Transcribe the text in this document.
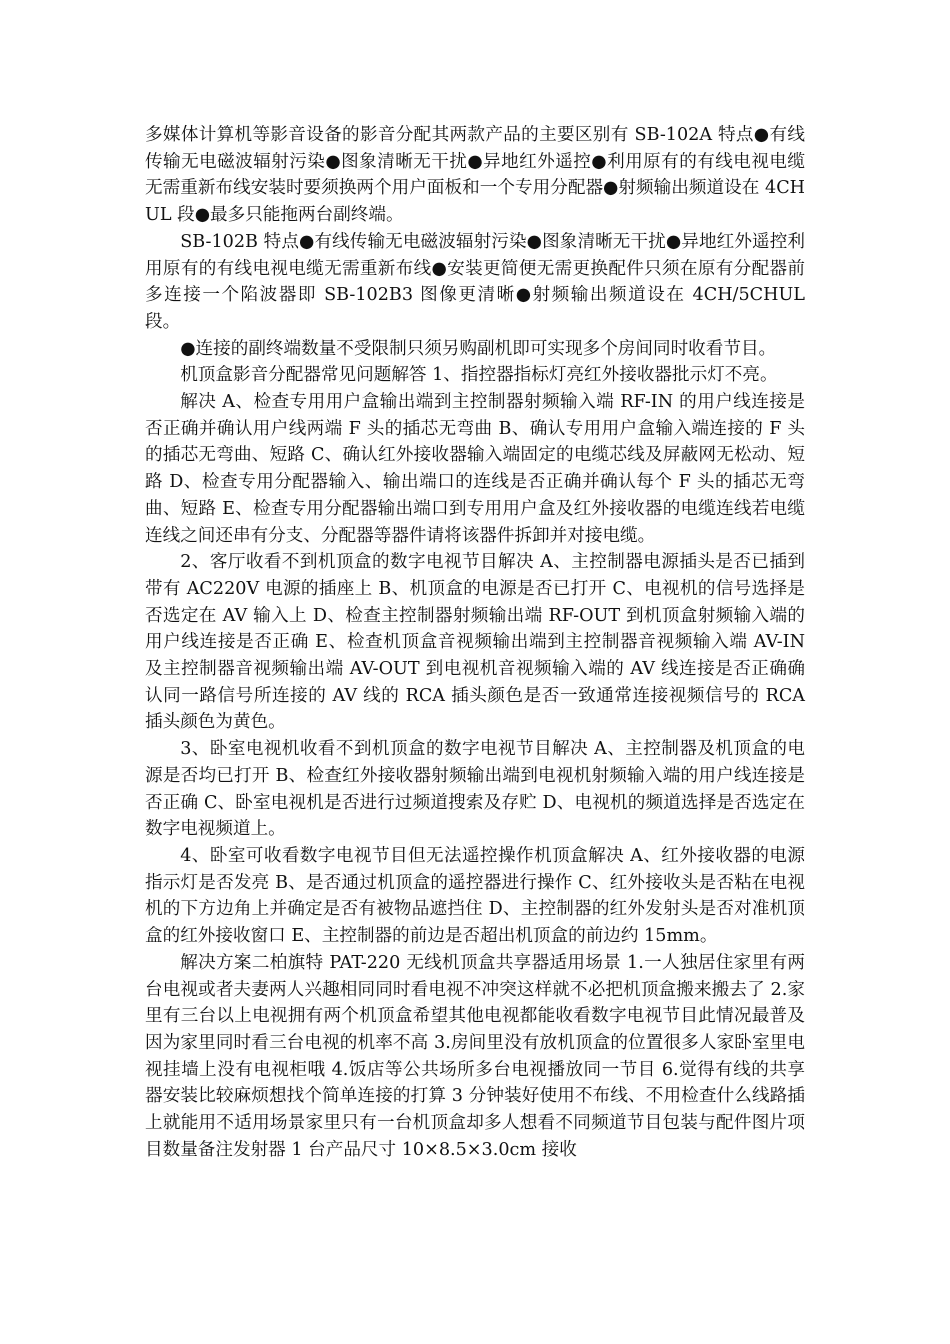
多媒体计算机等影音设备的影音分配其两款产品的主要区别有 SB-102A 特点●有线传输无电磁波辐射污染●图象清晰无干扰●异地红外遥控●利用原有的有线电视电缆无需重新布线安装时要须换两个用户面板和一个专用分配器●射频输出频道设在 4CHUL 段●最多只能拖两台副终端。

SB-102B 特点●有线传输无电磁波辐射污染●图象清晰无干扰●异地红外遥控利用原有的有线电视电缆无需重新布线●安装更简便无需更换配件只须在原有分配器前多连接一个陷波器即 SB-102B3 图像更清晰●射频输出频道设在 4CH/5CHUL 段。

●连接的副终端数量不受限制只须另购副机即可实现多个房间同时收看节目。

机顶盒影音分配器常见问题解答 1、指控器指标灯亮红外接收器批示灯不亮。

解决 A、检查专用用户盒输出端到主控制器射频输入端 RF-IN 的用户线连接是否正确并确认用户线两端 F 头的插芯无弯曲 B、确认专用用户盒输入端连接的 F 头的插芯无弯曲、短路 C、确认红外接收器输入端固定的电缆芯线及屏蔽网无松动、短路 D、检查专用分配器输入、输出端口的连线是否正确并确认每个 F 头的插芯无弯曲、短路 E、检查专用分配器输出端口到专用用户盒及红外接收器的电缆连线若电缆连线之间还串有分支、分配器等器件请将该器件拆卸并对接电缆。

2、客厅收看不到机顶盒的数字电视节目解决 A、主控制器电源插头是否已插到带有 AC220V 电源的插座上 B、机顶盒的电源是否已打开 C、电视机的信号选择是否选定在 AV 输入上 D、检查主控制器射频输出端 RF-OUT 到机顶盒射频输入端的用户线连接是否正确 E、检查机顶盒音视频输出端到主控制器音视频输入端 AV-IN 及主控制器音视频输出端 AV-OUT 到电视机音视频输入端的 AV 线连接是否正确确认同一路信号所连接的 AV 线的 RCA 插头颜色是否一致通常连接视频信号的 RCA 插头颜色为黄色。

3、卧室电视机收看不到机顶盒的数字电视节目解决 A、主控制器及机顶盒的电源是否均已打开 B、检查红外接收器射频输出端到电视机射频输入端的用户线连接是否正确 C、卧室电视机是否进行过频道搜索及存贮 D、电视机的频道选择是否选定在数字电视频道上。

4、卧室可收看数字电视节目但无法遥控操作机顶盒解决 A、红外接收器的电源指示灯是否发亮 B、是否通过机顶盒的遥控器进行操作 C、红外接收头是否粘在电视机的下方边角上并确定是否有被物品遮挡住 D、主控制器的红外发射头是否对准机顶盒的红外接收窗口 E、主控制器的前边是否超出机顶盒的前边约 15mm。

解决方案二柏旗特 PAT-220 无线机顶盒共享器适用场景 1.一人独居住家里有两台电视或者夫妻两人兴趣相同同时看电视不冲突这样就不必把机顶盒搬来搬去了 2.家里有三台以上电视拥有两个机顶盒希望其他电视都能收看数字电视节目此情况最普及因为家里同时看三台电视的机率不高 3.房间里没有放机顶盒的位置很多人家卧室里电视挂墙上没有电视柜哦 4.饭店等公共场所多台电视播放同一节目 6.觉得有线的共享器安装比较麻烦想找个简单连接的打算 3 分钟装好使用不布线、不用检查什么线路插上就能用不适用场景家里只有一台机顶盒却多人想看不同频道节目包装与配件图片项目数量备注发射器 1 台产品尺寸 10×8.5×3.0cm 接收
